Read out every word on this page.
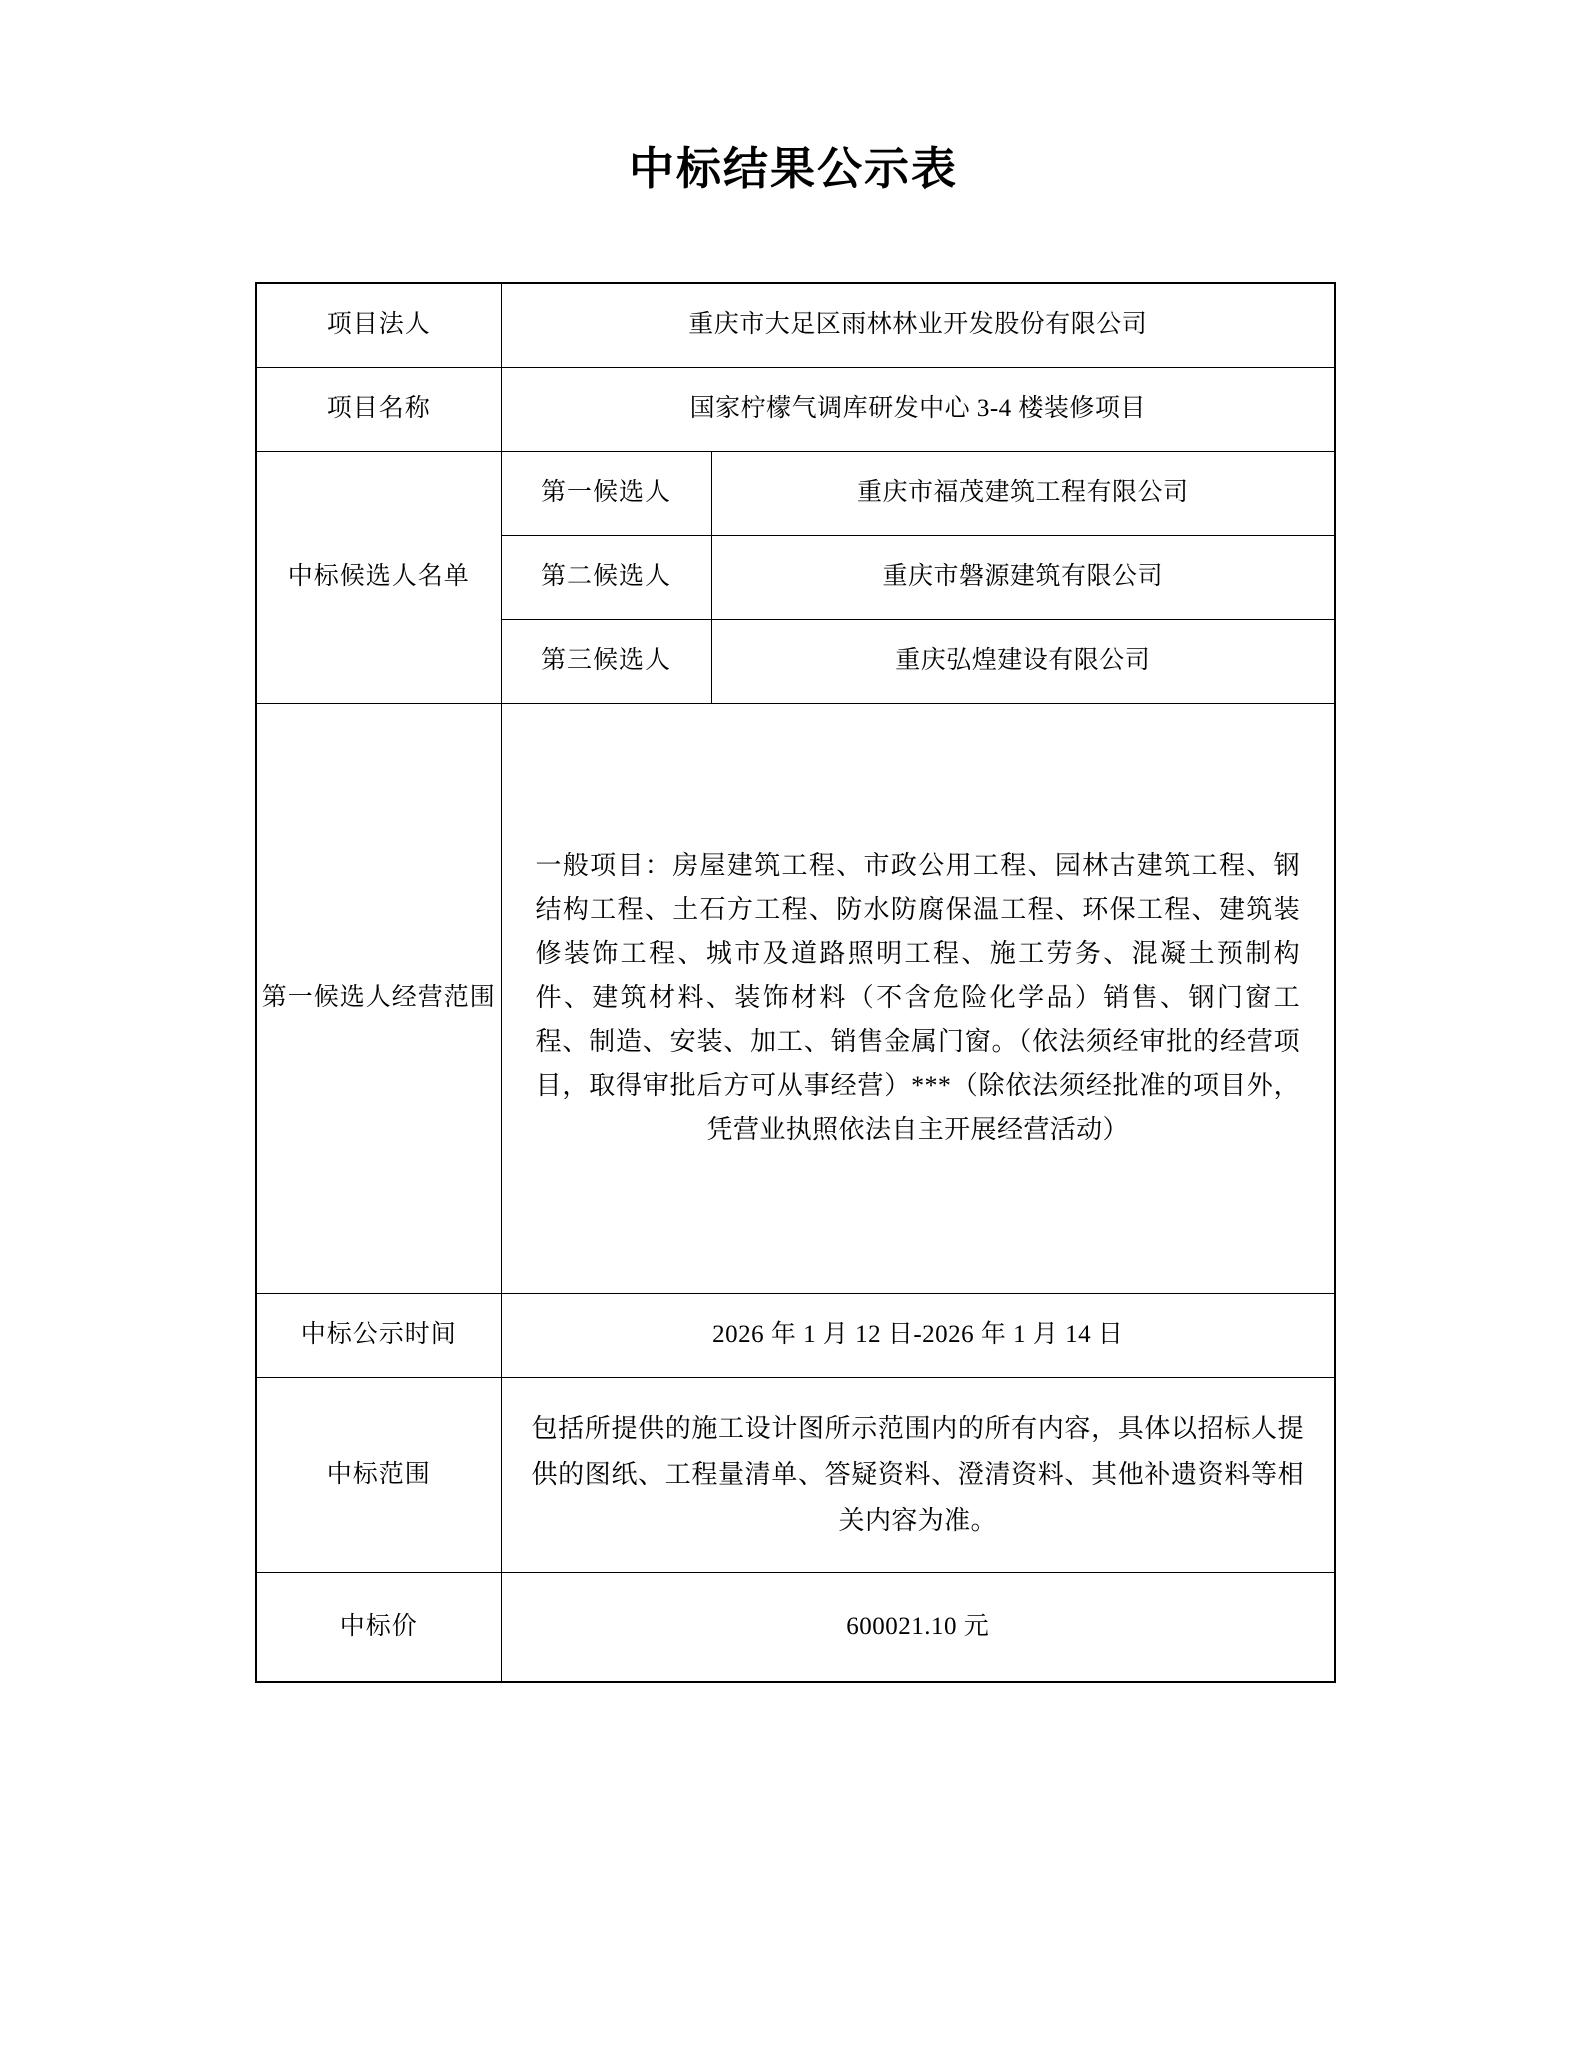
中标结果公示表
项目法人	重庆市大足区雨林林业开发股份有限公司	
项目名称	国家柠檬气调库研发中心 3-4 楼装修项目	
中标候选人名单	第一候选人	重庆市福茂建筑工程有限公司
	第二候选人	重庆市磐源建筑有限公司
	第三候选人	重庆弘煌建设有限公司
第一候选人经营范围	一般项目：房屋建筑工程、市政公用工程、园林古建筑工程、钢结构工程、土石方工程、防水防腐保温工程、环保工程、建筑装修装饰工程、城市及道路照明工程、施工劳务、混凝土预制构件、建筑材料、装饰材料（不含危险化学品）销售、钢门窗工程、制造、安装、加工、销售金属门窗。（依法须经审批的经营项目，取得审批后方可从事经营）***（除依法须经批准的项目外，凭营业执照依法自主开展经营活动）	

中标公示时间	2026 年 1 月 12 日-2026 年 1 月 14 日	
中标范围	包括所提供的施工设计图所示范围内的所有内容，具体以招标人提供的图纸、工程量清单、答疑资料、澄清资料、其他补遗资料等相关内容为准。	

中标价	600021.10 元	
